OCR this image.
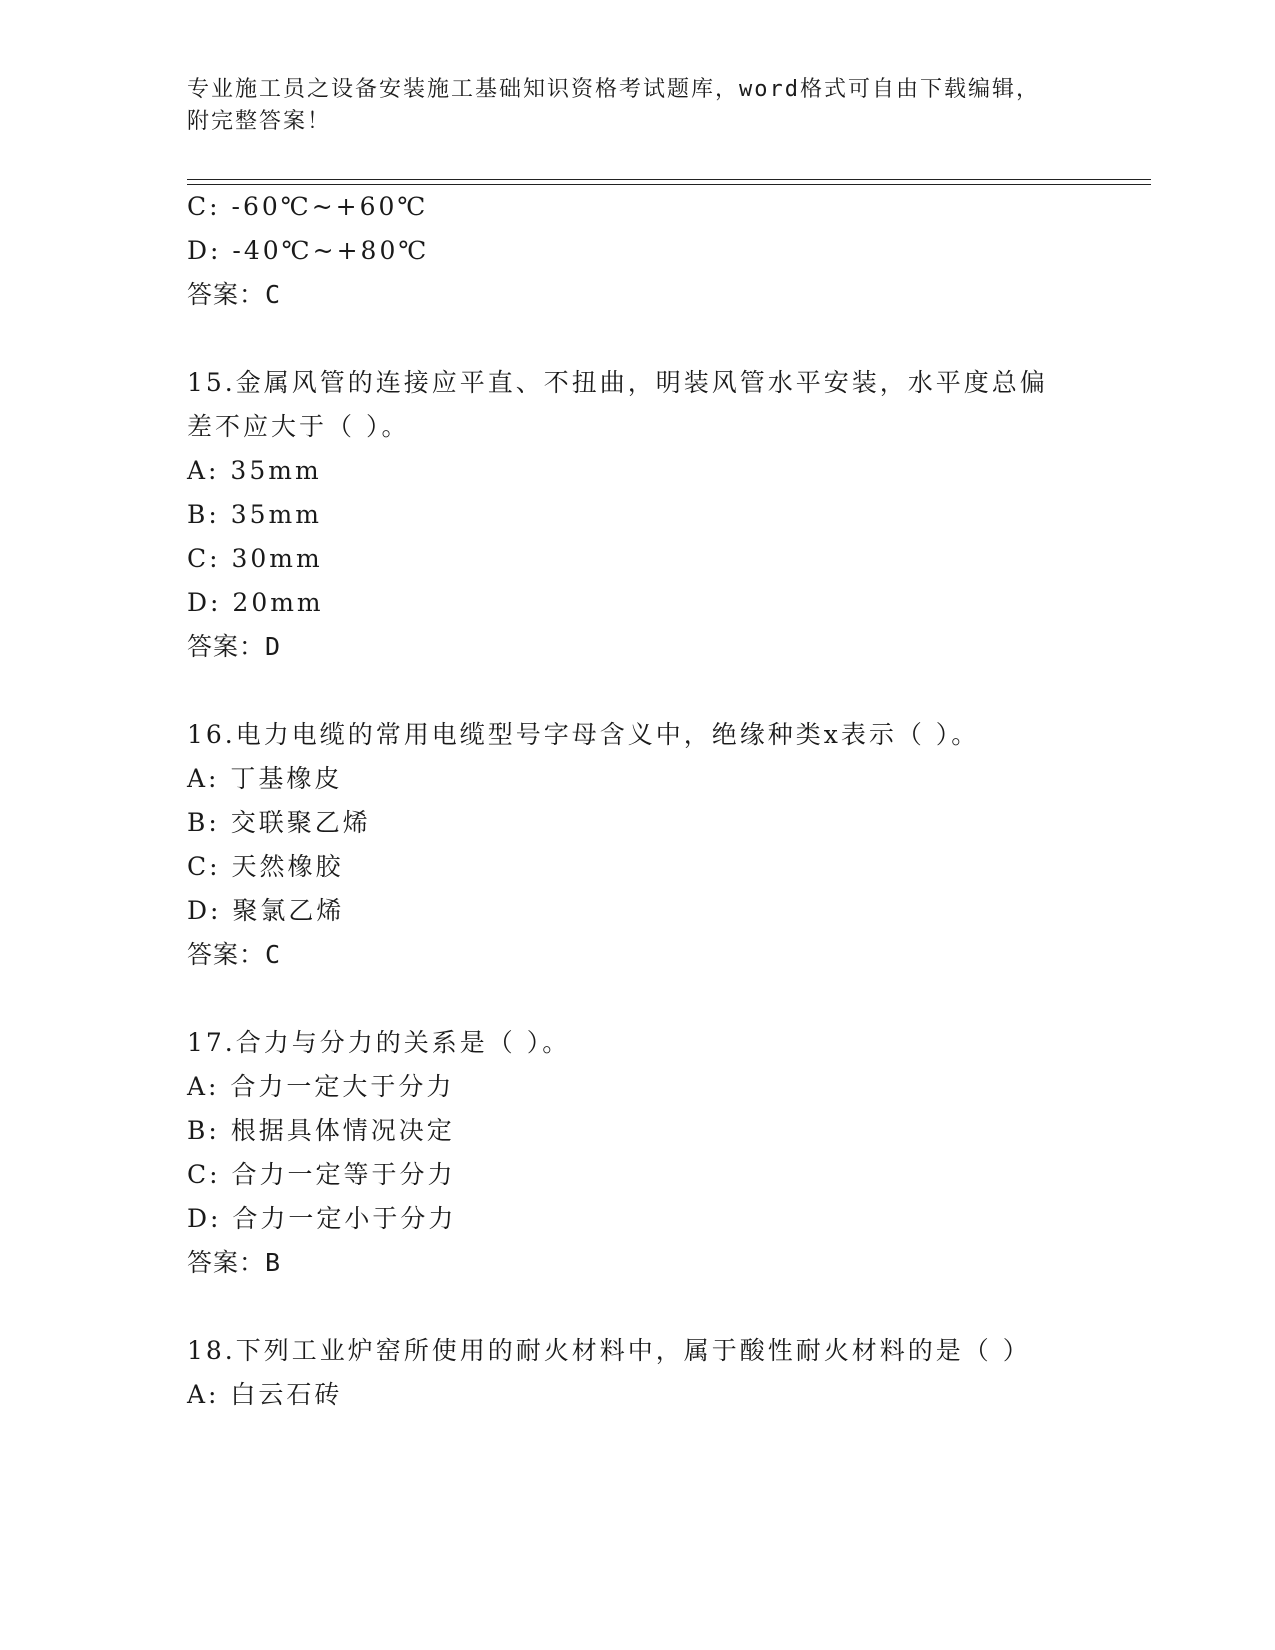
专业施工员之设备安装施工基础知识资格考试题库，word格式可自由下载编辑，
附完整答案！
C: -60℃~+60℃
D: -40℃~+80℃
答案：C
15.金属风管的连接应平直、不扭曲，明装风管水平安装，水平度总偏
差不应大于（ ）。
A: 35mm
B: 35mm
C: 30mm
D: 20mm
答案：D
16.电力电缆的常用电缆型号字母含义中，绝缘种类x表示（ ）。
A: 丁基橡皮
B: 交联聚乙烯
C: 天然橡胶
D: 聚氯乙烯
答案：C
17.合力与分力的关系是（ ）。
A: 合力一定大于分力
B: 根据具体情况决定
C: 合力一定等于分力
D: 合力一定小于分力
答案：B
18.下列工业炉窑所使用的耐火材料中，属于酸性耐火材料的是（ ）
A: 白云石砖
